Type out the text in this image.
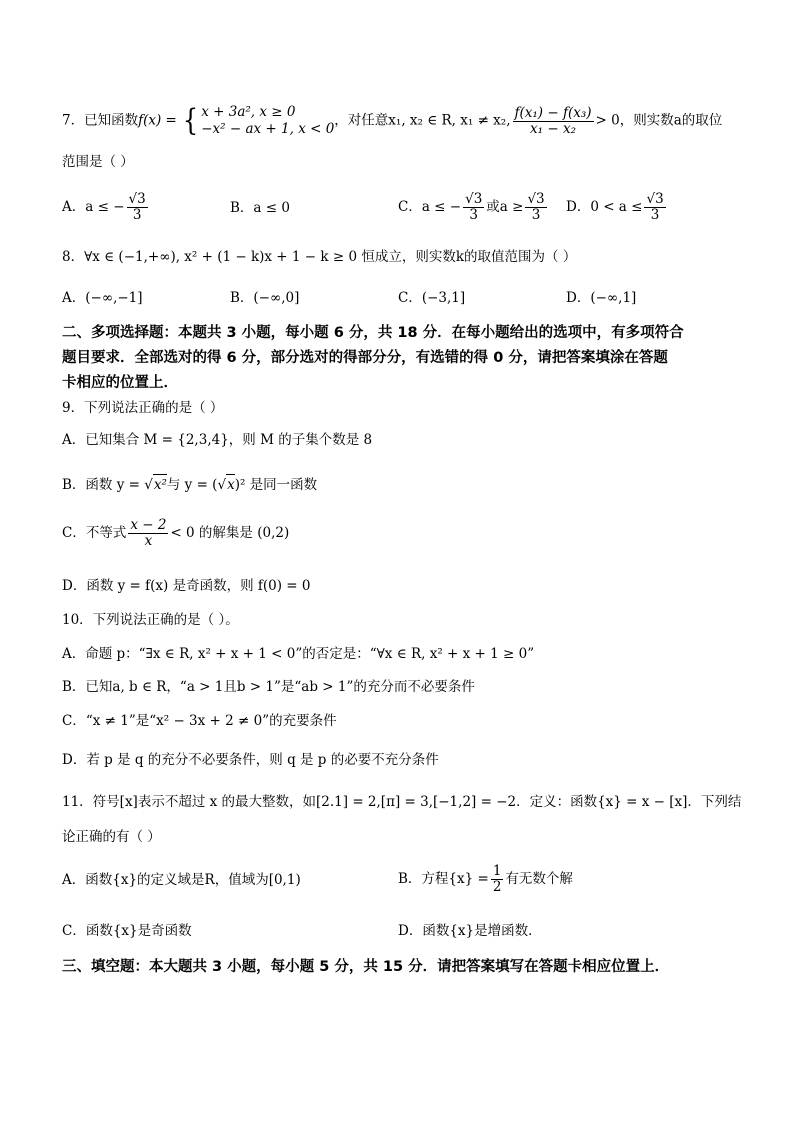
7．已知函数f(x) = { x + 3a², x ≥ 0
−x² − ax + 1, x < 0
，对任意x₁, x₂ ∈ R, x₁ ≠ x₂, $\frac{\text{f(x₁) − f(x₃)}}{\text{x₁ − x₂}} > 0$，则实数a的取位
范围是（ ）
A．a ≤ − $\frac{√3}{3}$	B．a ≤ 0	C．a ≤ − $\frac{√3}{3}$ 或$a \ge \frac{√3}{3}$ D．$0 < a \le \frac{√3}{3}$
8．∀x ∈ (−1,+∞), x² + (1 − k)x + 1 − k ≥ 0 恒成立，则实数k的取值范围为（ ）
A．(−∞,−1]	B．(−∞,0]	C．(−3,1]	D．(−∞,1]
二、多项选择题：本题共 3 小题，每小题 6 分，共 18 分．在每小题给出的选项中，有多项符合
题目要求．全部选对的得 6 分，部分选对的得部分分，有选错的得 0 分，请把答案填涂在答题
卡相应的位置上．
9．下列说法正确的是（ ）
A．已知集合 M = {2,3,4}，则 M 的子集个数是 8
B．函数 y = √x²与 y = (√x)² 是同一函数
C．不等式 $\frac{x - 2}{x} < 0$ 的解集是 (0,2)
D．函数 y = f(x) 是奇函数，则 f(0) = 0
10．下列说法正确的是（ ）。
A．命题 p：“∃x ∈ R, x² + x + 1 < 0”的否定是：“∀x ∈ R, x² + x + 1 ≥ 0”
B．已知a, b ∈ R，“a > 1且b > 1”是“ab > 1”的充分而不必要条件
C．“x ≠ 1”是“x² − 3x + 2 ≠ 0”的充要条件
D．若 p 是 q 的充分不必要条件，则 q 是 p 的必要不充分条件
11．符号[x]表示不超过 x 的最大整数，如[2.1] = 2,[π] = 3,[−1,2] = −2．定义：函数{x} = x − [x]．下列结
论正确的有（ ）
A．函数{x}的定义域是R，值域为[0,1)	B．方程$\{x\} = \frac{1}{2}$ 有无数个解
C．函数{x}是奇函数	D．函数{x}是增函数．
三、填空题：本大题共 3 小题，每小题 5 分，共 15 分．请把答案填写在答题卡相应位置上．
